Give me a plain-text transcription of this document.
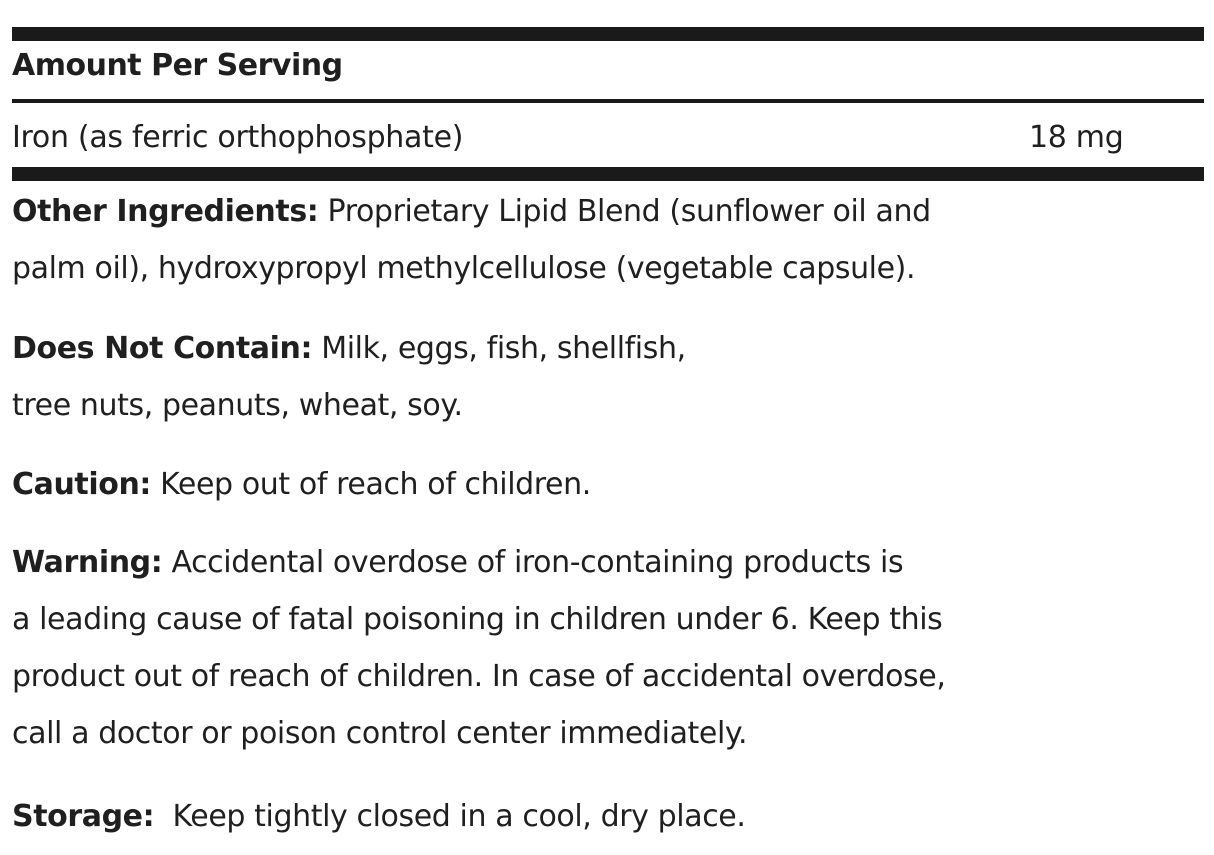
Amount Per Serving
Iron (as ferric orthophosphate)	18 mg
Other Ingredients: Proprietary Lipid Blend (sunflower oil and
palm oil), hydroxypropyl methylcellulose (vegetable capsule).
Does Not Contain: Milk, eggs, fish, shellfish,
tree nuts, peanuts, wheat, soy.
Caution: Keep out of reach of children.
Warning: Accidental overdose of iron-containing products is
a leading cause of fatal poisoning in children under 6. Keep this
product out of reach of children. In case of accidental overdose,
call a doctor or poison control center immediately.
Storage:  Keep tightly closed in a cool, dry place.
